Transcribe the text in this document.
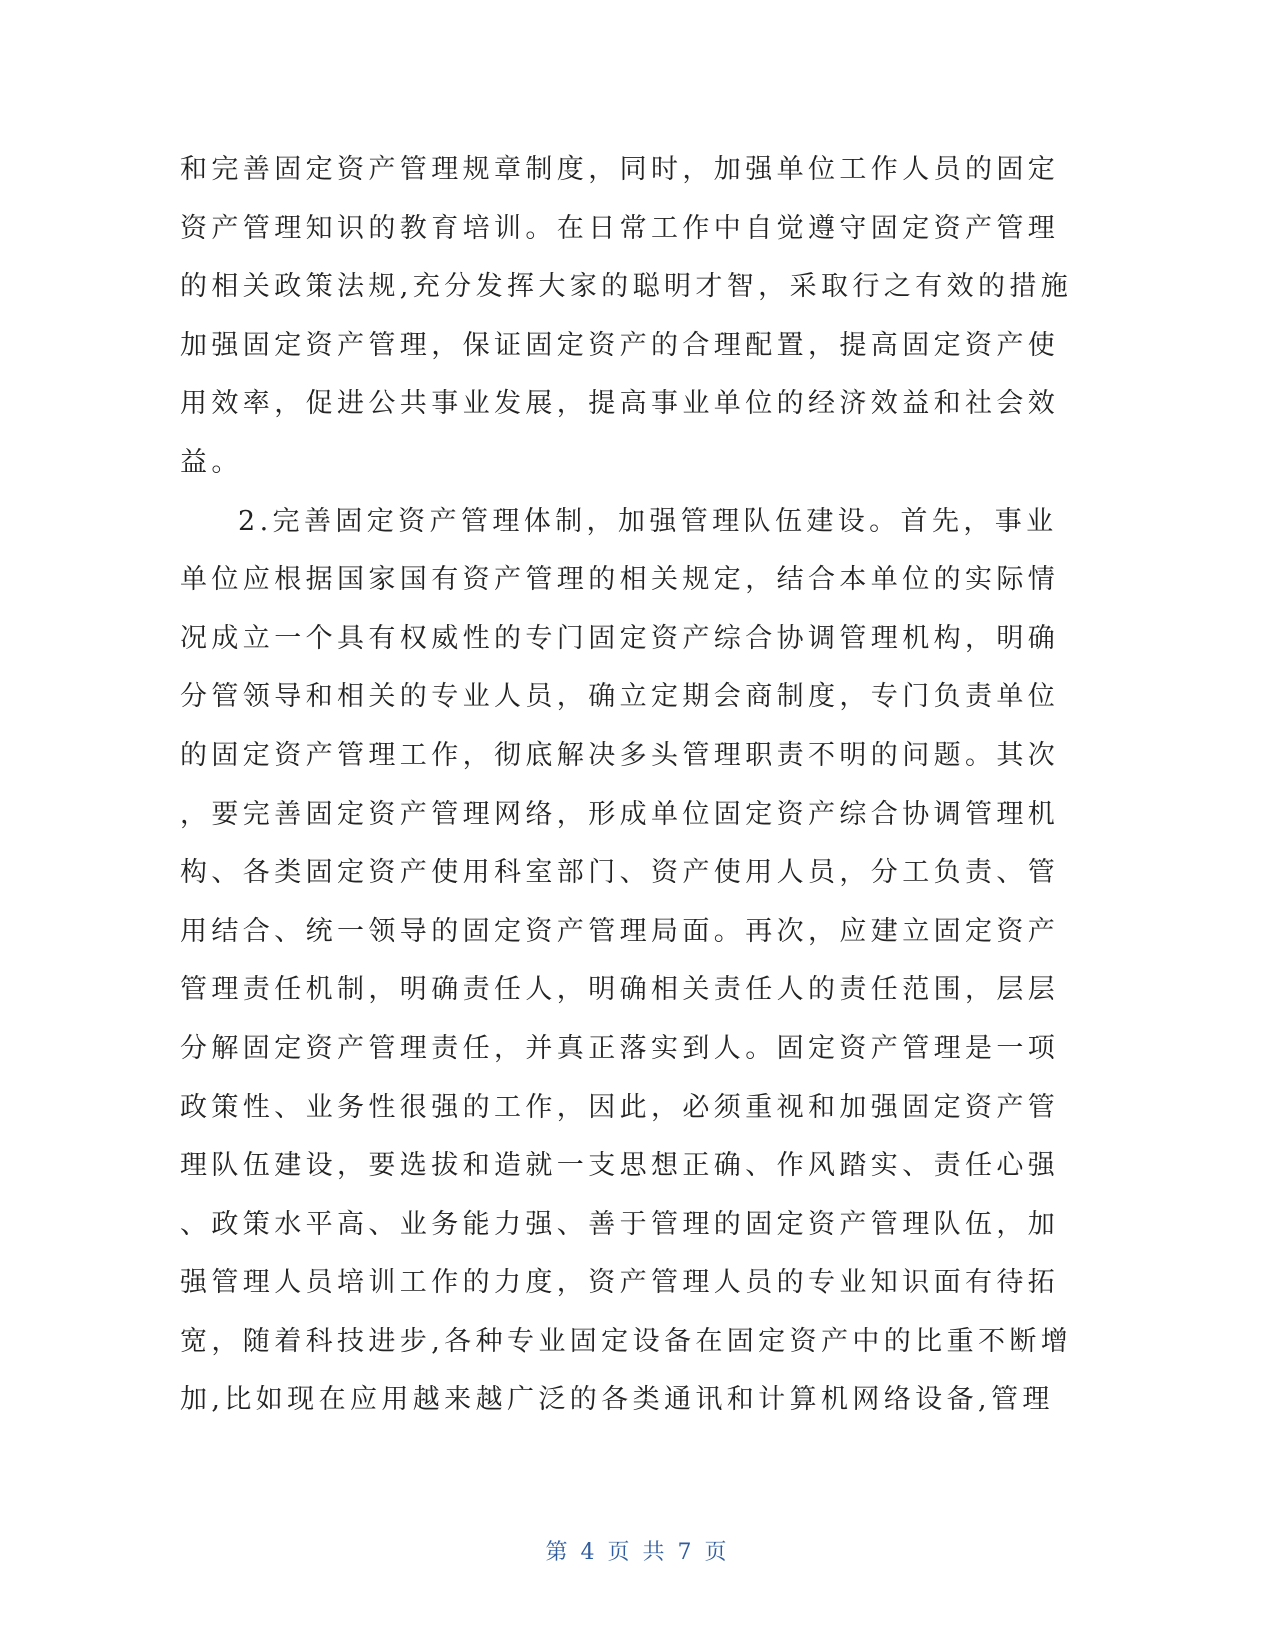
和完善固定资产管理规章制度，同时，加强单位工作人员的固定
资产管理知识的教育培训。在日常工作中自觉遵守固定资产管理
的相关政策法规,充分发挥大家的聪明才智，采取行之有效的措施
加强固定资产管理，保证固定资产的合理配置，提高固定资产使
用效率，促进公共事业发展，提高事业单位的经济效益和社会效
益。
2.完善固定资产管理体制，加强管理队伍建设。首先，事业
单位应根据国家国有资产管理的相关规定，结合本单位的实际情
况成立一个具有权威性的专门固定资产综合协调管理机构，明确
分管领导和相关的专业人员，确立定期会商制度，专门负责单位
的固定资产管理工作，彻底解决多头管理职责不明的问题。其次
，要完善固定资产管理网络，形成单位固定资产综合协调管理机
构、各类固定资产使用科室部门、资产使用人员，分工负责、管
用结合、统一领导的固定资产管理局面。再次，应建立固定资产
管理责任机制，明确责任人，明确相关责任人的责任范围，层层
分解固定资产管理责任，并真正落实到人。固定资产管理是一项
政策性、业务性很强的工作，因此，必须重视和加强固定资产管
理队伍建设，要选拔和造就一支思想正确、作风踏实、责任心强
、政策水平高、业务能力强、善于管理的固定资产管理队伍，加
强管理人员培训工作的力度，资产管理人员的专业知识面有待拓
宽，随着科技进步,各种专业固定设备在固定资产中的比重不断增
加,比如现在应用越来越广泛的各类通讯和计算机网络设备,管理
第 4 页 共 7 页
